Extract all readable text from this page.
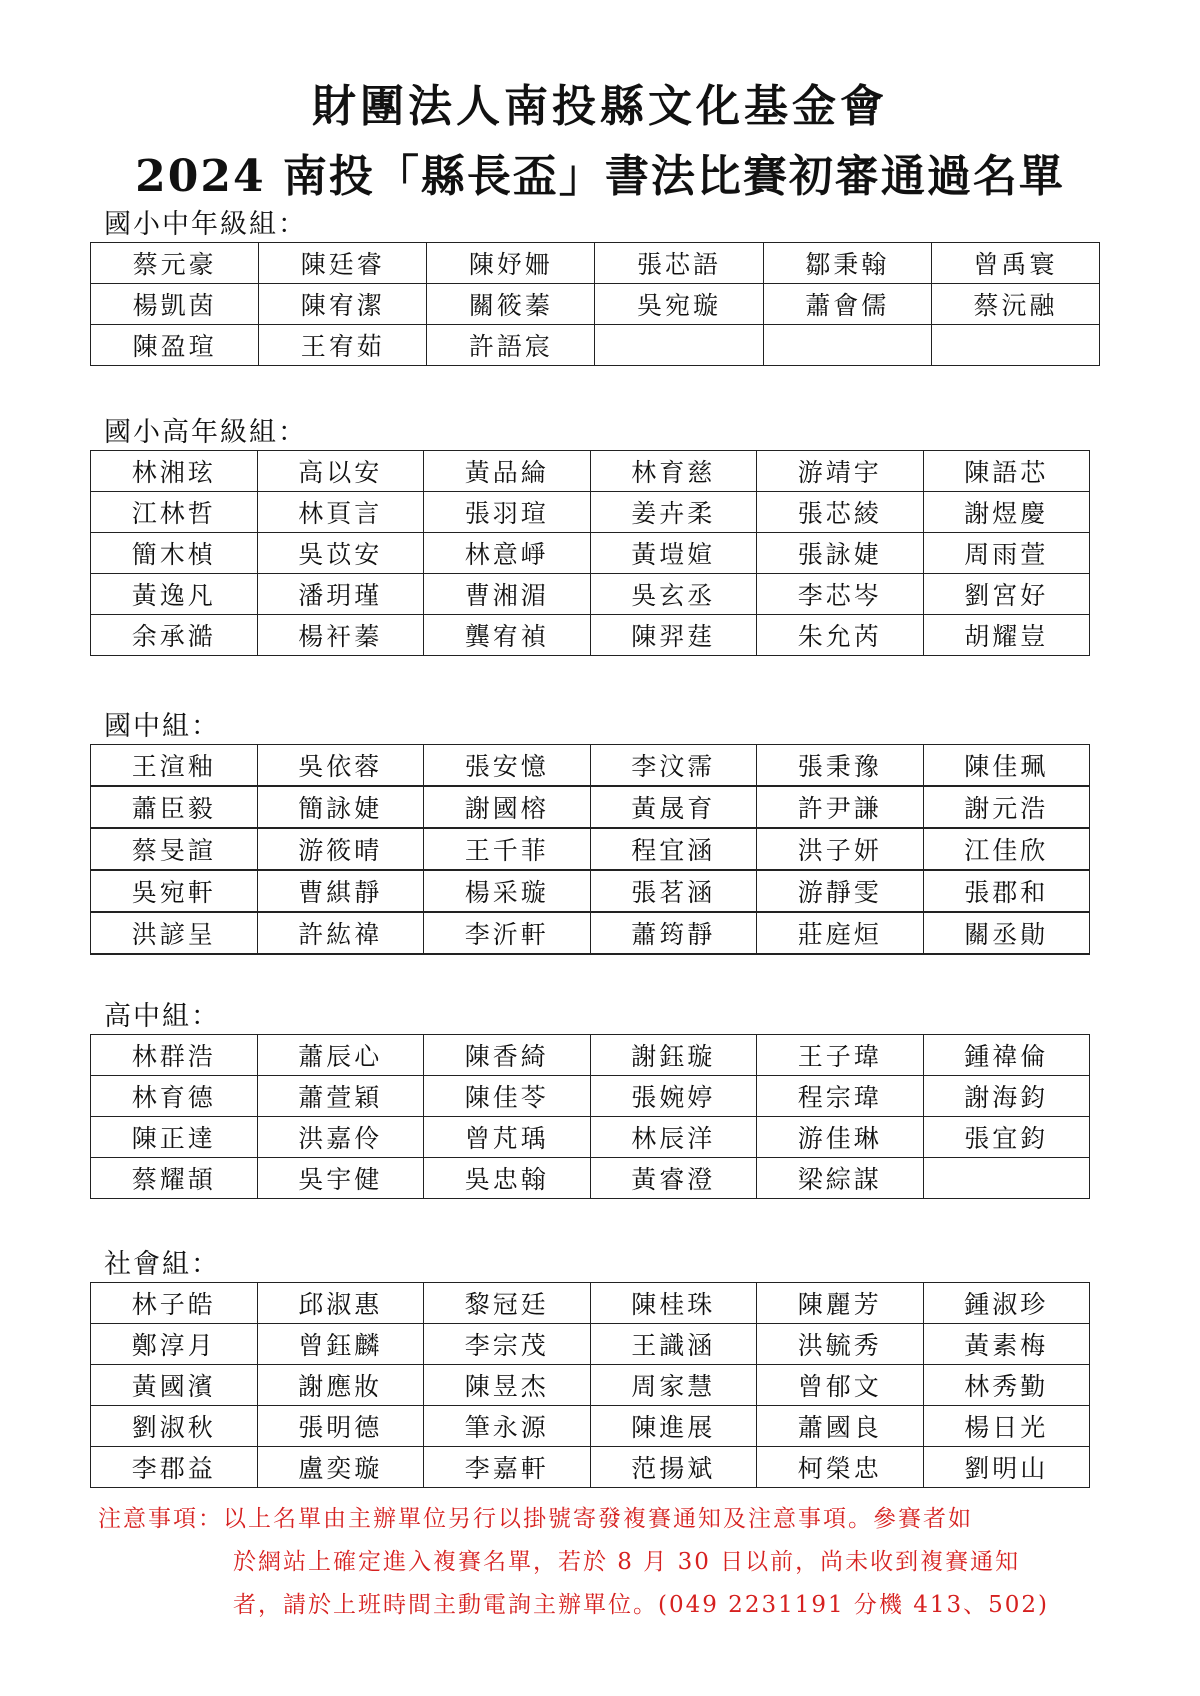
財團法人南投縣文化基金會
2024 南投「縣長盃」書法比賽初審通過名單
國小中年級組：
蔡元豪	陳廷睿	陳妤姍	張芯語	鄒秉翰	曾禹寰
楊凱茵	陳宥潔	關筱蓁	吳宛璇	蕭會儒	蔡沅融
陳盈瑄	王宥茹	許語宸			
國小高年級組：
林湘玹	高以安	黃品綸	林育慈	游靖宇	陳語芯
江林哲	林頁言	張羽瑄	姜卉柔	張芯綾	謝煜慶
簡木楨	吳苡安	林意崢	黃塏媗	張詠婕	周雨萱
黃逸凡	潘玥瑾	曹湘湄	吳玄丞	李芯岑	劉宮好
余承澔	楊衦蓁	龔宥禎	陳羿莛	朱允芮	胡耀豈
國中組：
王渲釉	吳依蓉	張安憶	李汶霈	張秉豫	陳佳珮
蕭臣毅	簡詠婕	謝國榕	黃晟育	許尹謙	謝元浩
蔡旻諠	游筱晴	王千菲	程宜涵	洪子妍	江佳欣
吳宛軒	曹綨靜	楊采璇	張茗涵	游靜雯	張郡和
洪諺呈	許紘禕	李沂軒	蕭筠靜	莊庭烜	關丞勛
高中組：
林群浩	蕭辰心	陳香綺	謝鈺璇	王子瑋	鍾禕倫
林育德	蕭萱穎	陳佳苓	張婉婷	程宗瑋	謝海鈞
陳正達	洪嘉伶	曾芃瑀	林辰洋	游佳琳	張宜鈞
蔡耀頡	吳宇健	吳忠翰	黃睿澄	梁綜謀	
社會組：
林子皓	邱淑惠	黎冠廷	陳桂珠	陳麗芳	鍾淑珍
鄭淳月	曾鈺麟	李宗茂	王識涵	洪毓秀	黃素梅
黃國濱	謝應妝	陳昱杰	周家慧	曾郁文	林秀勤
劉淑秋	張明德	筆永源	陳進展	蕭國良	楊日光
李郡益	盧奕璇	李嘉軒	范揚斌	柯榮忠	劉明山
注意事項：以上名單由主辦單位另行以掛號寄發複賽通知及注意事項。參賽者如
於網站上確定進入複賽名單，若於 8 月 30 日以前，尚未收到複賽通知
者，請於上班時間主動電詢主辦單位。(049 2231191 分機 413、502)
